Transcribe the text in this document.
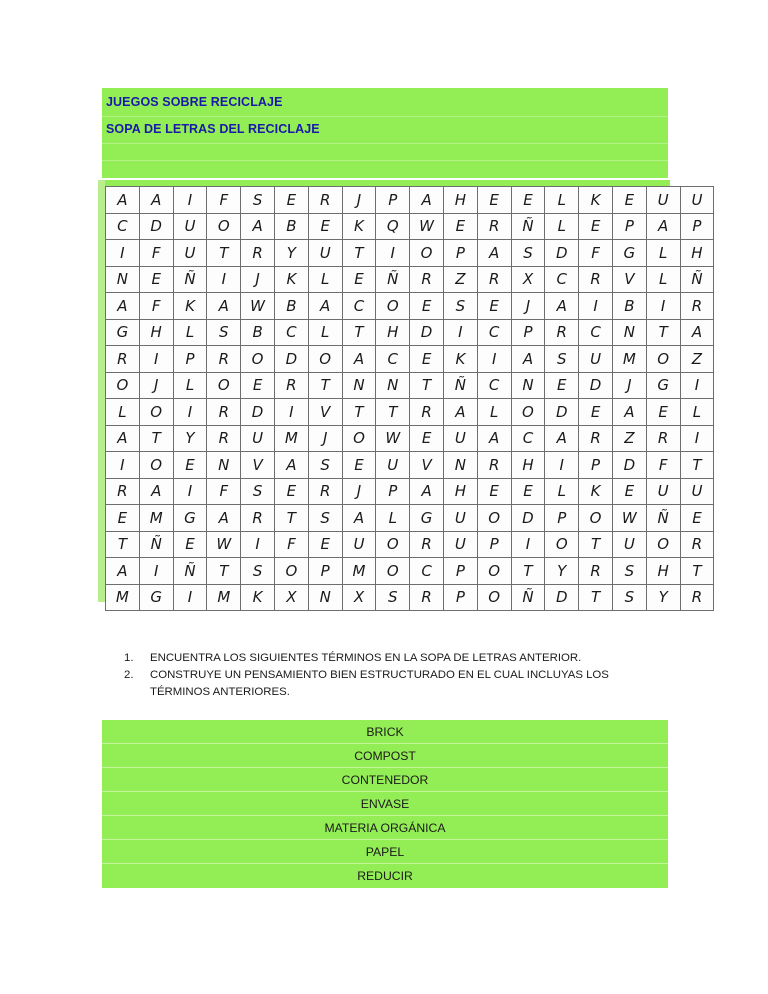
JUEGOS SOBRE RECICLAJE
SOPA DE LETRAS DEL RECICLAJE
A	A	I	F	S	E	R	J	P	A	H	E	E	L	K	E	U	U
C	D	U	O	A	B	E	K	Q	W	E	R	Ñ	L	E	P	A	P
I	F	U	T	R	Y	U	T	I	O	P	A	S	D	F	G	L	H
N	E	Ñ	I	J	K	L	E	Ñ	R	Z	R	X	C	R	V	L	Ñ
A	F	K	A	W	B	A	C	O	E	S	E	J	A	I	B	I	R
G	H	L	S	B	C	L	T	H	D	I	C	P	R	C	N	T	A
R	I	P	R	O	D	O	A	C	E	K	I	A	S	U	M	O	Z
O	J	L	O	E	R	T	N	N	T	Ñ	C	N	E	D	J	G	I
L	O	I	R	D	I	V	T	T	R	A	L	O	D	E	A	E	L
A	T	Y	R	U	M	J	O	W	E	U	A	C	A	R	Z	R	I
I	O	E	N	V	A	S	E	U	V	N	R	H	I	P	D	F	T
R	A	I	F	S	E	R	J	P	A	H	E	E	L	K	E	U	U
E	M	G	A	R	T	S	A	L	G	U	O	D	P	O	W	Ñ	E
T	Ñ	E	W	I	F	E	U	O	R	U	P	I	O	T	U	O	R
A	I	Ñ	T	S	O	P	M	O	C	P	O	T	Y	R	S	H	T
M	G	I	M	K	X	N	X	S	R	P	O	Ñ	D	T	S	Y	R
1.	ENCUENTRA LOS SIGUIENTES TÉRMINOS EN LA SOPA DE LETRAS ANTERIOR.
2.	CONSTRUYE UN PENSAMIENTO BIEN ESTRUCTURADO EN EL CUAL INCLUYAS LOS TÉRMINOS ANTERIORES.
BRICK
COMPOST
CONTENEDOR
ENVASE
MATERIA ORGÁNICA
PAPEL
REDUCIR
